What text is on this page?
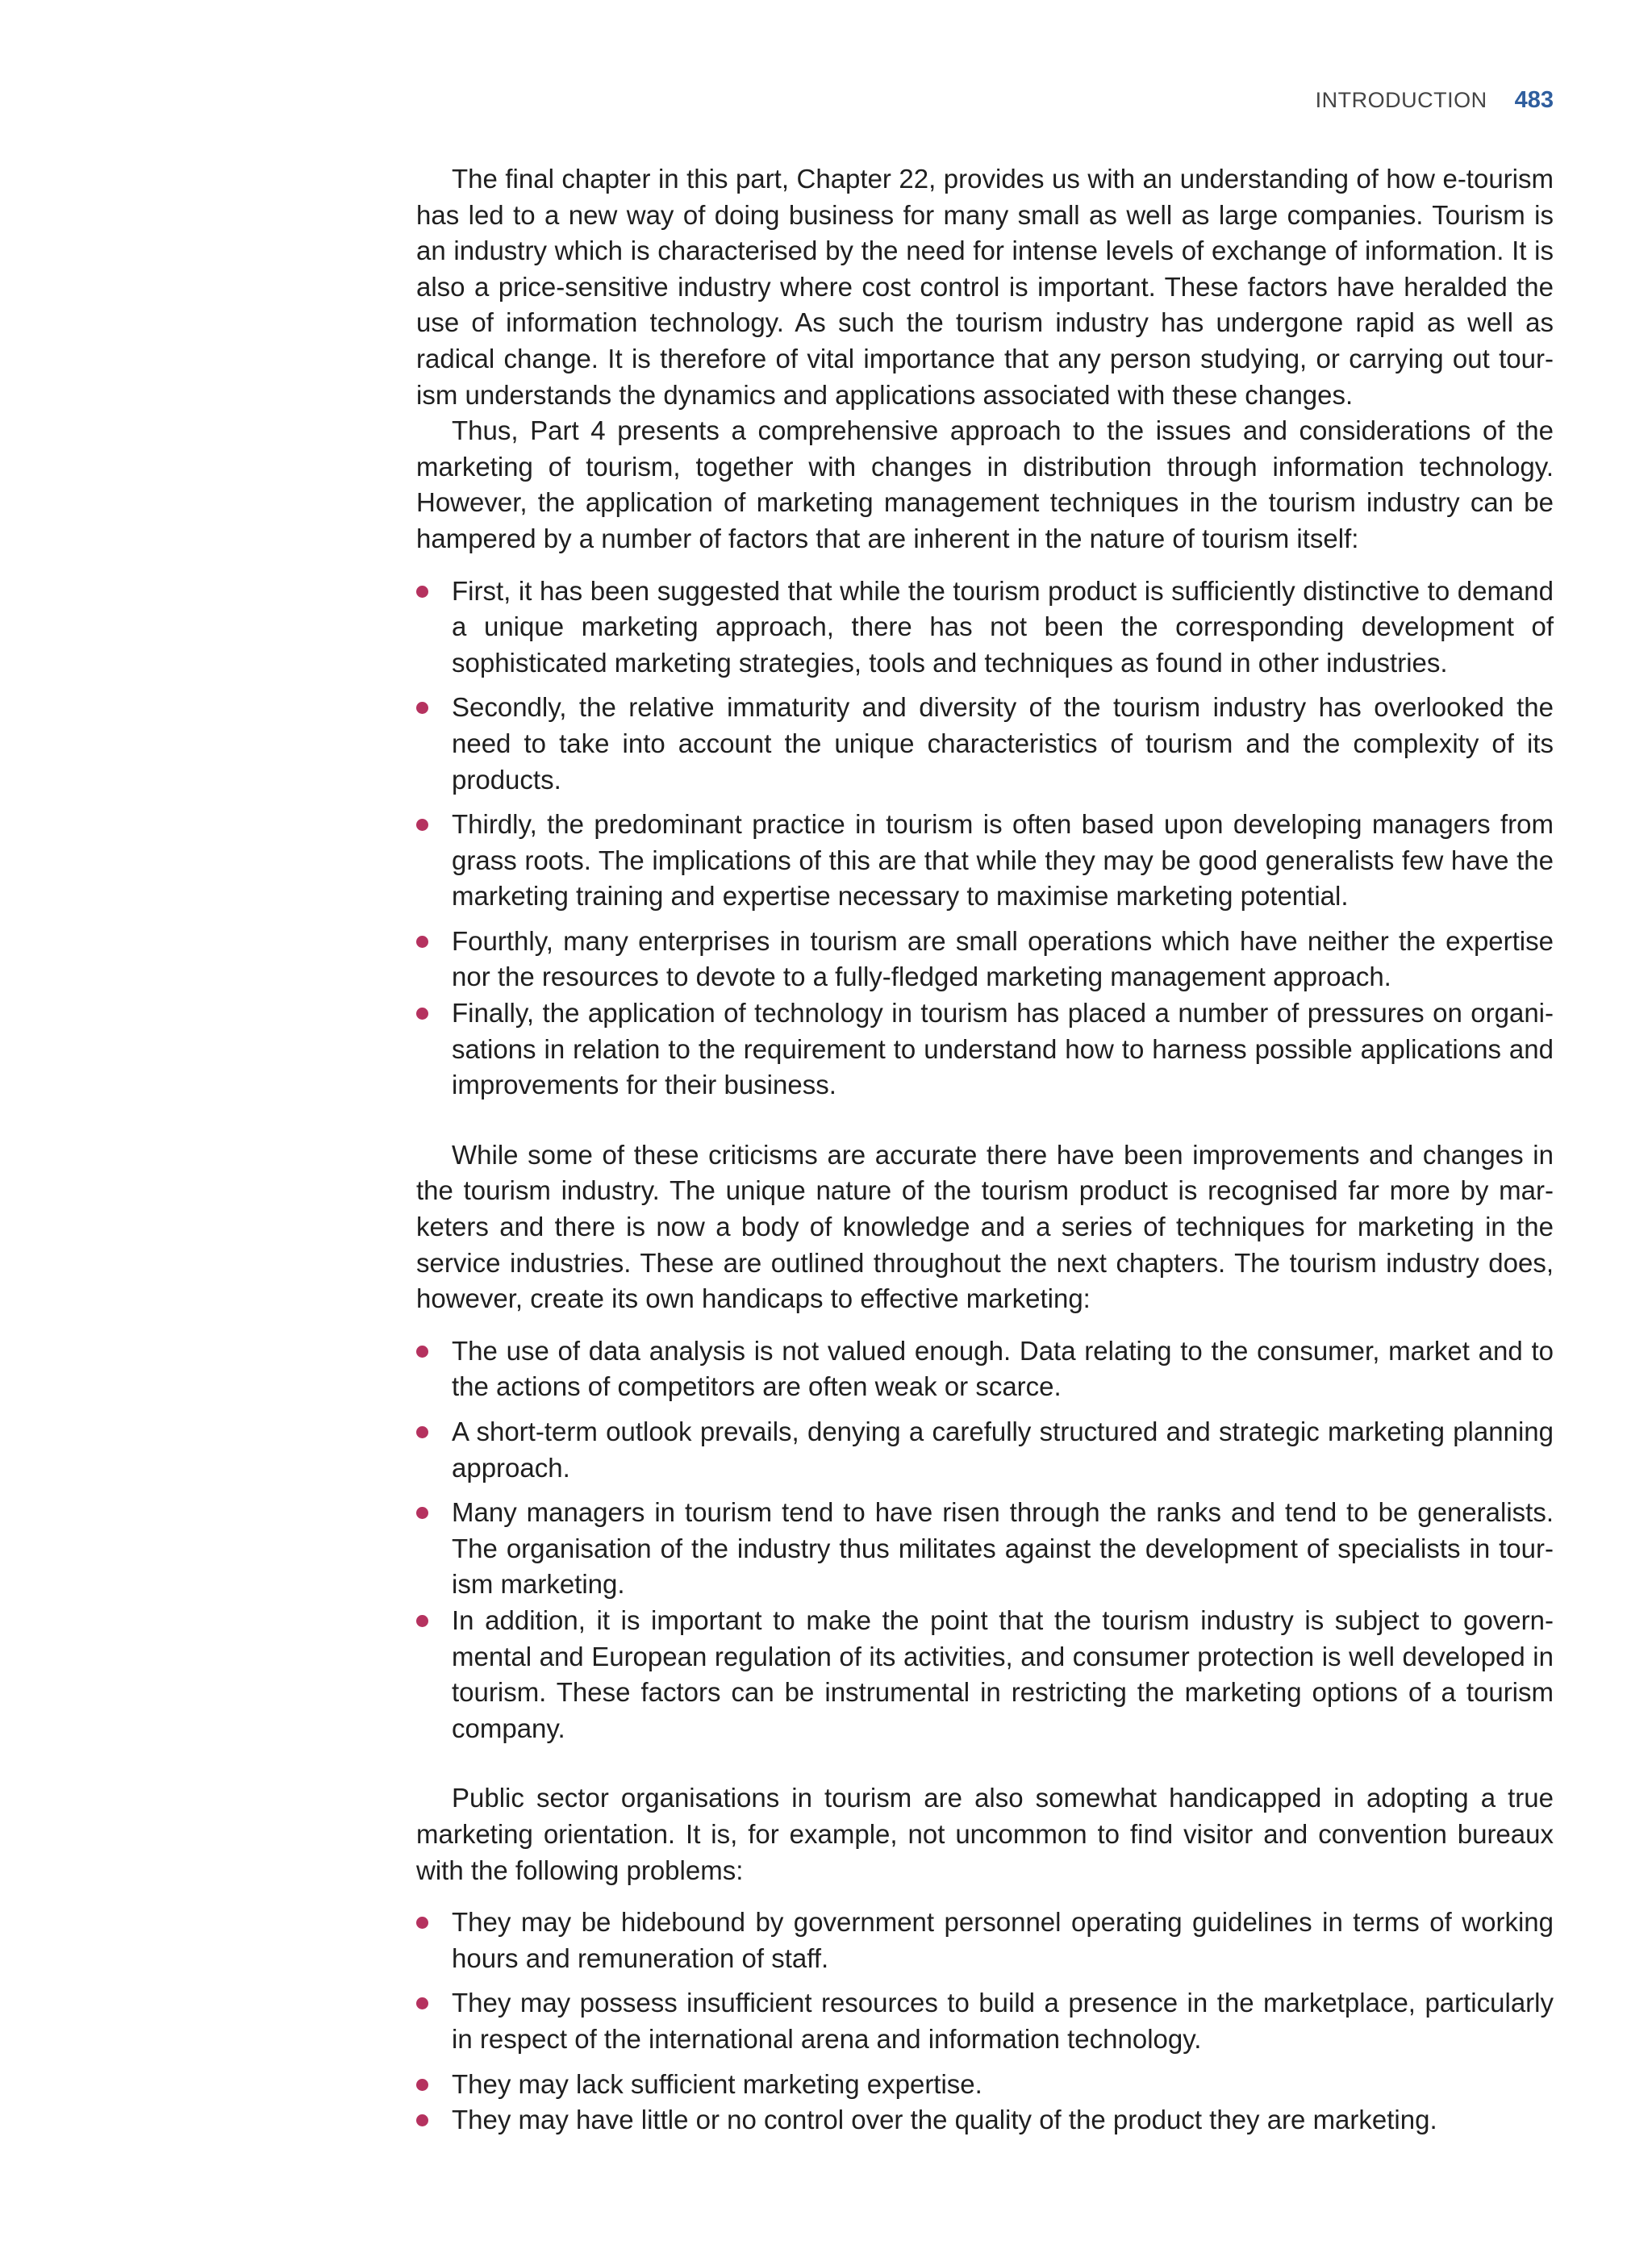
INTRODUCTION 483

The final chapter in this part, Chapter 22, provides us with an understanding of how e-tourism has led to a new way of doing business for many small as well as large companies. Tourism is an industry which is characterised by the need for intense levels of exchange of information. It is also a price-sensitive industry where cost control is important. These factors have heralded the use of information technology. As such the tourism industry has undergone rapid as well as radical change. It is therefore of vital importance that any person studying, or carrying out tour-ism understands the dynamics and applications associated with these changes.

Thus, Part 4 presents a comprehensive approach to the issues and considerations of the marketing of tourism, together with changes in distribution through information technology. However, the application of marketing management techniques in the tourism industry can be hampered by a number of factors that are inherent in the nature of tourism itself:

First, it has been suggested that while the tourism product is sufficiently distinctive to demand a unique marketing approach, there has not been the corresponding development of sophisticated marketing strategies, tools and techniques as found in other industries.
Secondly, the relative immaturity and diversity of the tourism industry has overlooked the need to take into account the unique characteristics of tourism and the complexity of its products.
Thirdly, the predominant practice in tourism is often based upon developing managers from grass roots. The implications of this are that while they may be good generalists few have the marketing training and expertise necessary to maximise marketing potential.
Fourthly, many enterprises in tourism are small operations which have neither the expertise nor the resources to devote to a fully-fledged marketing management approach.
Finally, the application of technology in tourism has placed a number of pressures on organi-sations in relation to the requirement to understand how to harness possible applications and improvements for their business.

While some of these criticisms are accurate there have been improvements and changes in the tourism industry. The unique nature of the tourism product is recognised far more by mar-keters and there is now a body of knowledge and a series of techniques for marketing in the service industries. These are outlined throughout the next chapters. The tourism industry does, however, create its own handicaps to effective marketing:

The use of data analysis is not valued enough. Data relating to the consumer, market and to the actions of competitors are often weak or scarce.
A short-term outlook prevails, denying a carefully structured and strategic marketing planning approach.
Many managers in tourism tend to have risen through the ranks and tend to be generalists. The organisation of the industry thus militates against the development of specialists in tour-ism marketing.
In addition, it is important to make the point that the tourism industry is subject to govern-mental and European regulation of its activities, and consumer protection is well developed in tourism. These factors can be instrumental in restricting the marketing options of a tourism company.

Public sector organisations in tourism are also somewhat handicapped in adopting a true marketing orientation. It is, for example, not uncommon to find visitor and convention bureaux with the following problems:

They may be hidebound by government personnel operating guidelines in terms of working hours and remuneration of staff.
They may possess insufficient resources to build a presence in the marketplace, particularly in respect of the international arena and information technology.
They may lack sufficient marketing expertise.
They may have little or no control over the quality of the product they are marketing.
